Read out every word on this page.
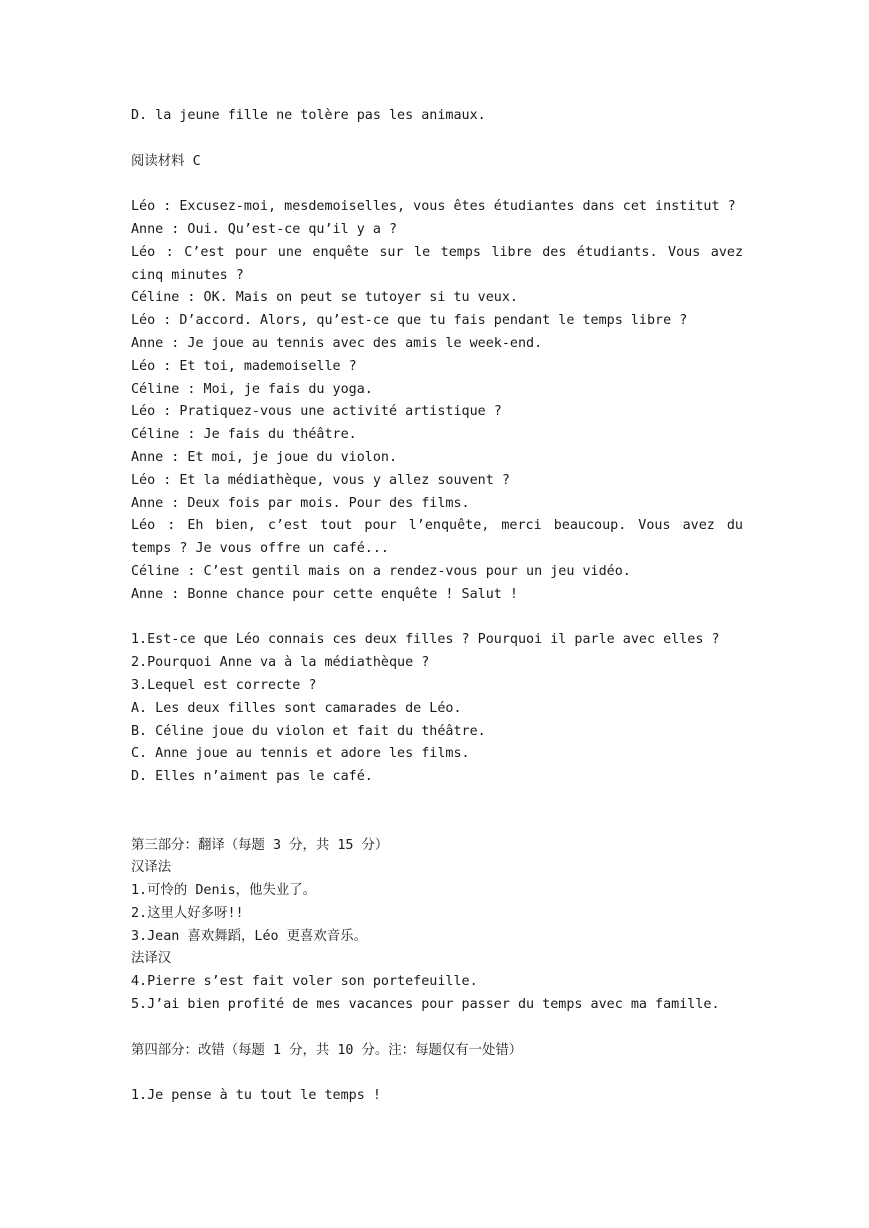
D. la jeune fille ne tolère pas les animaux.
阅读材料 C
Léo : Excusez-moi, mesdemoiselles, vous êtes étudiantes dans cet institut ?
Anne : Oui. Qu’est-ce qu’il y a ?
Léo : C’est pour une enquête sur le temps libre des étudiants. Vous avez cinq minutes ?
Céline : OK. Mais on peut se tutoyer si tu veux.
Léo : D’accord. Alors, qu’est-ce que tu fais pendant le temps libre ?
Anne : Je joue au tennis avec des amis le week-end.
Léo : Et toi, mademoiselle ?
Céline : Moi, je fais du yoga.
Léo : Pratiquez-vous une activité artistique ?
Céline : Je fais du théâtre.
Anne : Et moi, je joue du violon.
Léo : Et la médiathèque, vous y allez souvent ?
Anne : Deux fois par mois. Pour des films.
Léo : Eh bien, c’est tout pour l’enquête, merci beaucoup. Vous avez du temps ? Je vous offre un café...
Céline : C’est gentil mais on a rendez-vous pour un jeu vidéo.
Anne : Bonne chance pour cette enquête ! Salut !
1.Est-ce que Léo connais ces deux filles ? Pourquoi il parle avec elles ?
2.Pourquoi Anne va à la médiathèque ?
3.Lequel est correcte ?
A. Les deux filles sont camarades de Léo.
B. Céline joue du violon et fait du théâtre.
C. Anne joue au tennis et adore les films.
D. Elles n’aiment pas le café.
第三部分：翻译（每题 3 分，共 15 分）
汉译法
1.可怜的 Denis，他失业了。
2.这里人好多呀!!
3.Jean 喜欢舞蹈，Léo 更喜欢音乐。
法译汉
4.Pierre s’est fait voler son portefeuille.
5.J’ai bien profité de mes vacances pour passer du temps avec ma famille.
第四部分：改错（每题 1 分，共 10 分。注：每题仅有一处错）
1.Je pense à tu tout le temps !
